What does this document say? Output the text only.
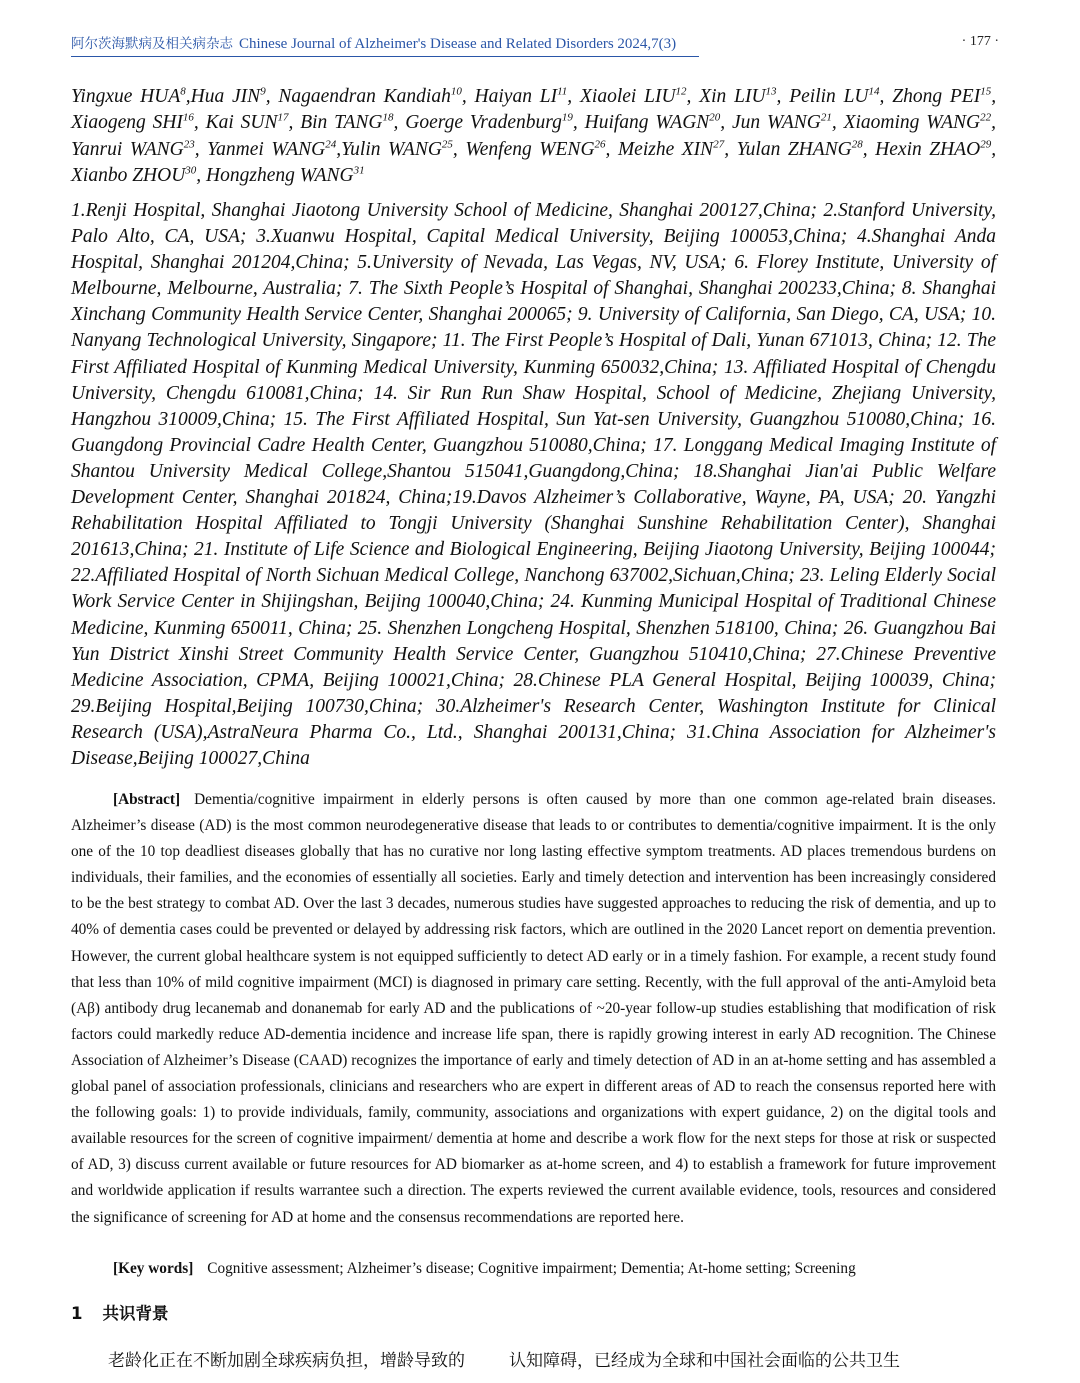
阿尔茨海默病及相关病杂志 Chinese Journal of Alzheimer's Disease and Related Disorders 2024,7(3)	· 177 ·
Yingxue HUA$^8$,Hua JIN$^9$, Nagaendran Kandiah$^{10}$, Haiyan LI$^{11}$, Xiaolei LIU$^{12}$, Xin LIU$^{13}$, Peilin LU$^{14}$, Zhong PEI$^{15}$, Xiaogeng SHI$^{16}$, Kai SUN$^{17}$, Bin TANG$^{18}$, Goerge Vradenburg$^{19}$, Huifang WAGN$^{20}$, Jun WANG$^{21}$, Xiaoming WANG$^{22}$, Yanrui WANG$^{23}$, Yanmei WANG$^{24}$,Yulin WANG$^{25}$, Wenfeng WENG$^{26}$, Meizhe XIN$^{27}$, Yulan ZHANG$^{28}$, Hexin ZHAO$^{29}$, Xianbo ZHOU$^{30}$, Hongzheng WANG$^{31}$
1.Renji Hospital, Shanghai Jiaotong University School of Medicine, Shanghai 200127,China; 2.Stanford University, Palo Alto, CA, USA; 3.Xuanwu Hospital, Capital Medical University, Beijing 100053,China; 4.Shanghai Anda Hospital, Shanghai 201204,China; 5.University of Nevada, Las Vegas, NV, USA; 6. Florey Institute, University of Melbourne, Melbourne, Australia; 7. The Sixth People’s Hospital of Shanghai, Shanghai 200233,China; 8. Shanghai Xinchang Community Health Service Center, Shanghai 200065; 9. University of California, San Diego, CA, USA; 10. Nanyang Technological University, Singapore; 11. The First People’s Hospital of Dali, Yunan 671013, China; 12. The First Affiliated Hospital of Kunming Medical University, Kunming 650032,China; 13. Affiliated Hospital of Chengdu University, Chengdu 610081,China; 14. Sir Run Run Shaw Hospital, School of Medicine, Zhejiang University, Hangzhou 310009,China; 15. The First Affiliated Hospital, Sun Yat-sen University, Guangzhou 510080,China; 16. Guangdong Provincial Cadre Health Center, Guangzhou 510080,China; 17. Longgang Medical Imaging Institute of Shantou University Medical College,Shantou 515041,Guangdong,China; 18.Shanghai Jian'ai Public Welfare Development Center, Shanghai 201824, China;19.Davos Alzheimer’s Collaborative, Wayne, PA, USA; 20. Yangzhi Rehabilitation Hospital Affiliated to Tongji University (Shanghai Sunshine Rehabilitation Center), Shanghai 201613,China; 21. Institute of Life Science and Biological Engineering, Beijing Jiaotong University, Beijing 100044; 22.Affiliated Hospital of North Sichuan Medical College, Nanchong 637002,Sichuan,China; 23. Leling Elderly Social Work Service Center in Shijingshan, Beijing 100040,China; 24. Kunming Municipal Hospital of Traditional Chinese Medicine, Kunming 650011, China; 25. Shenzhen Longcheng Hospital, Shenzhen 518100, China; 26. Guangzhou Bai Yun District Xinshi Street Community Health Service Center, Guangzhou 510410,China; 27.Chinese Preventive Medicine Association, CPMA, Beijing 100021,China; 28.Chinese PLA General Hospital, Beijing 100039, China; 29.Beijing Hospital,Beijing 100730,China; 30.Alzheimer's Research Center, Washington Institute for Clinical Research (USA),AstraNeura Pharma Co., Ltd., Shanghai 200131,China; 31.China Association for Alzheimer's Disease,Beijing 100027,China
[Abstract] Dementia/cognitive impairment in elderly persons is often caused by more than one common age-related brain diseases. Alzheimer’s disease (AD) is the most common neurodegenerative disease that leads to or contributes to dementia/cognitive impairment. It is the only one of the 10 top deadliest diseases globally that has no curative nor long lasting effective symptom treatments. AD places tremendous burdens on individuals, their families, and the economies of essentially all societies. Early and timely detection and intervention has been increasingly considered to be the best strategy to combat AD. Over the last 3 decades, numerous studies have suggested approaches to reducing the risk of dementia, and up to 40% of dementia cases could be prevented or delayed by addressing risk factors, which are outlined in the 2020 Lancet report on dementia prevention. However, the current global healthcare system is not equipped sufficiently to detect AD early or in a timely fashion. For example, a recent study found that less than 10% of mild cognitive impairment (MCI) is diagnosed in primary care setting. Recently, with the full approval of the anti-Amyloid beta (Aβ) antibody drug lecanemab and donanemab for early AD and the publications of ~20-year follow-up studies establishing that modification of risk factors could markedly reduce AD-dementia incidence and increase life span, there is rapidly growing interest in early AD recognition. The Chinese Association of Alzheimer’s Disease (CAAD) recognizes the importance of early and timely detection of AD in an at-home setting and has assembled a global panel of association professionals, clinicians and researchers who are expert in different areas of AD to reach the consensus reported here with the following goals: 1) to provide individuals, family, community, associations and organizations with expert guidance, 2) on the digital tools and available resources for the screen of cognitive impairment/ dementia at home and describe a work flow for the next steps for those at risk or suspected of AD, 3) discuss current available or future resources for AD biomarker as at-home screen, and 4) to establish a framework for future improvement and worldwide application if results warrantee such a direction. The experts reviewed the current available evidence, tools, resources and considered the significance of screening for AD at home and the consensus recommendations are reported here.
[Key words] Cognitive assessment; Alzheimer’s disease; Cognitive impairment; Dementia; At-home setting; Screening
1 共识背景
老龄化正在不断加剧全球疾病负担，增龄导致的	认知障碍，已经成为全球和中国社会面临的公共卫生
